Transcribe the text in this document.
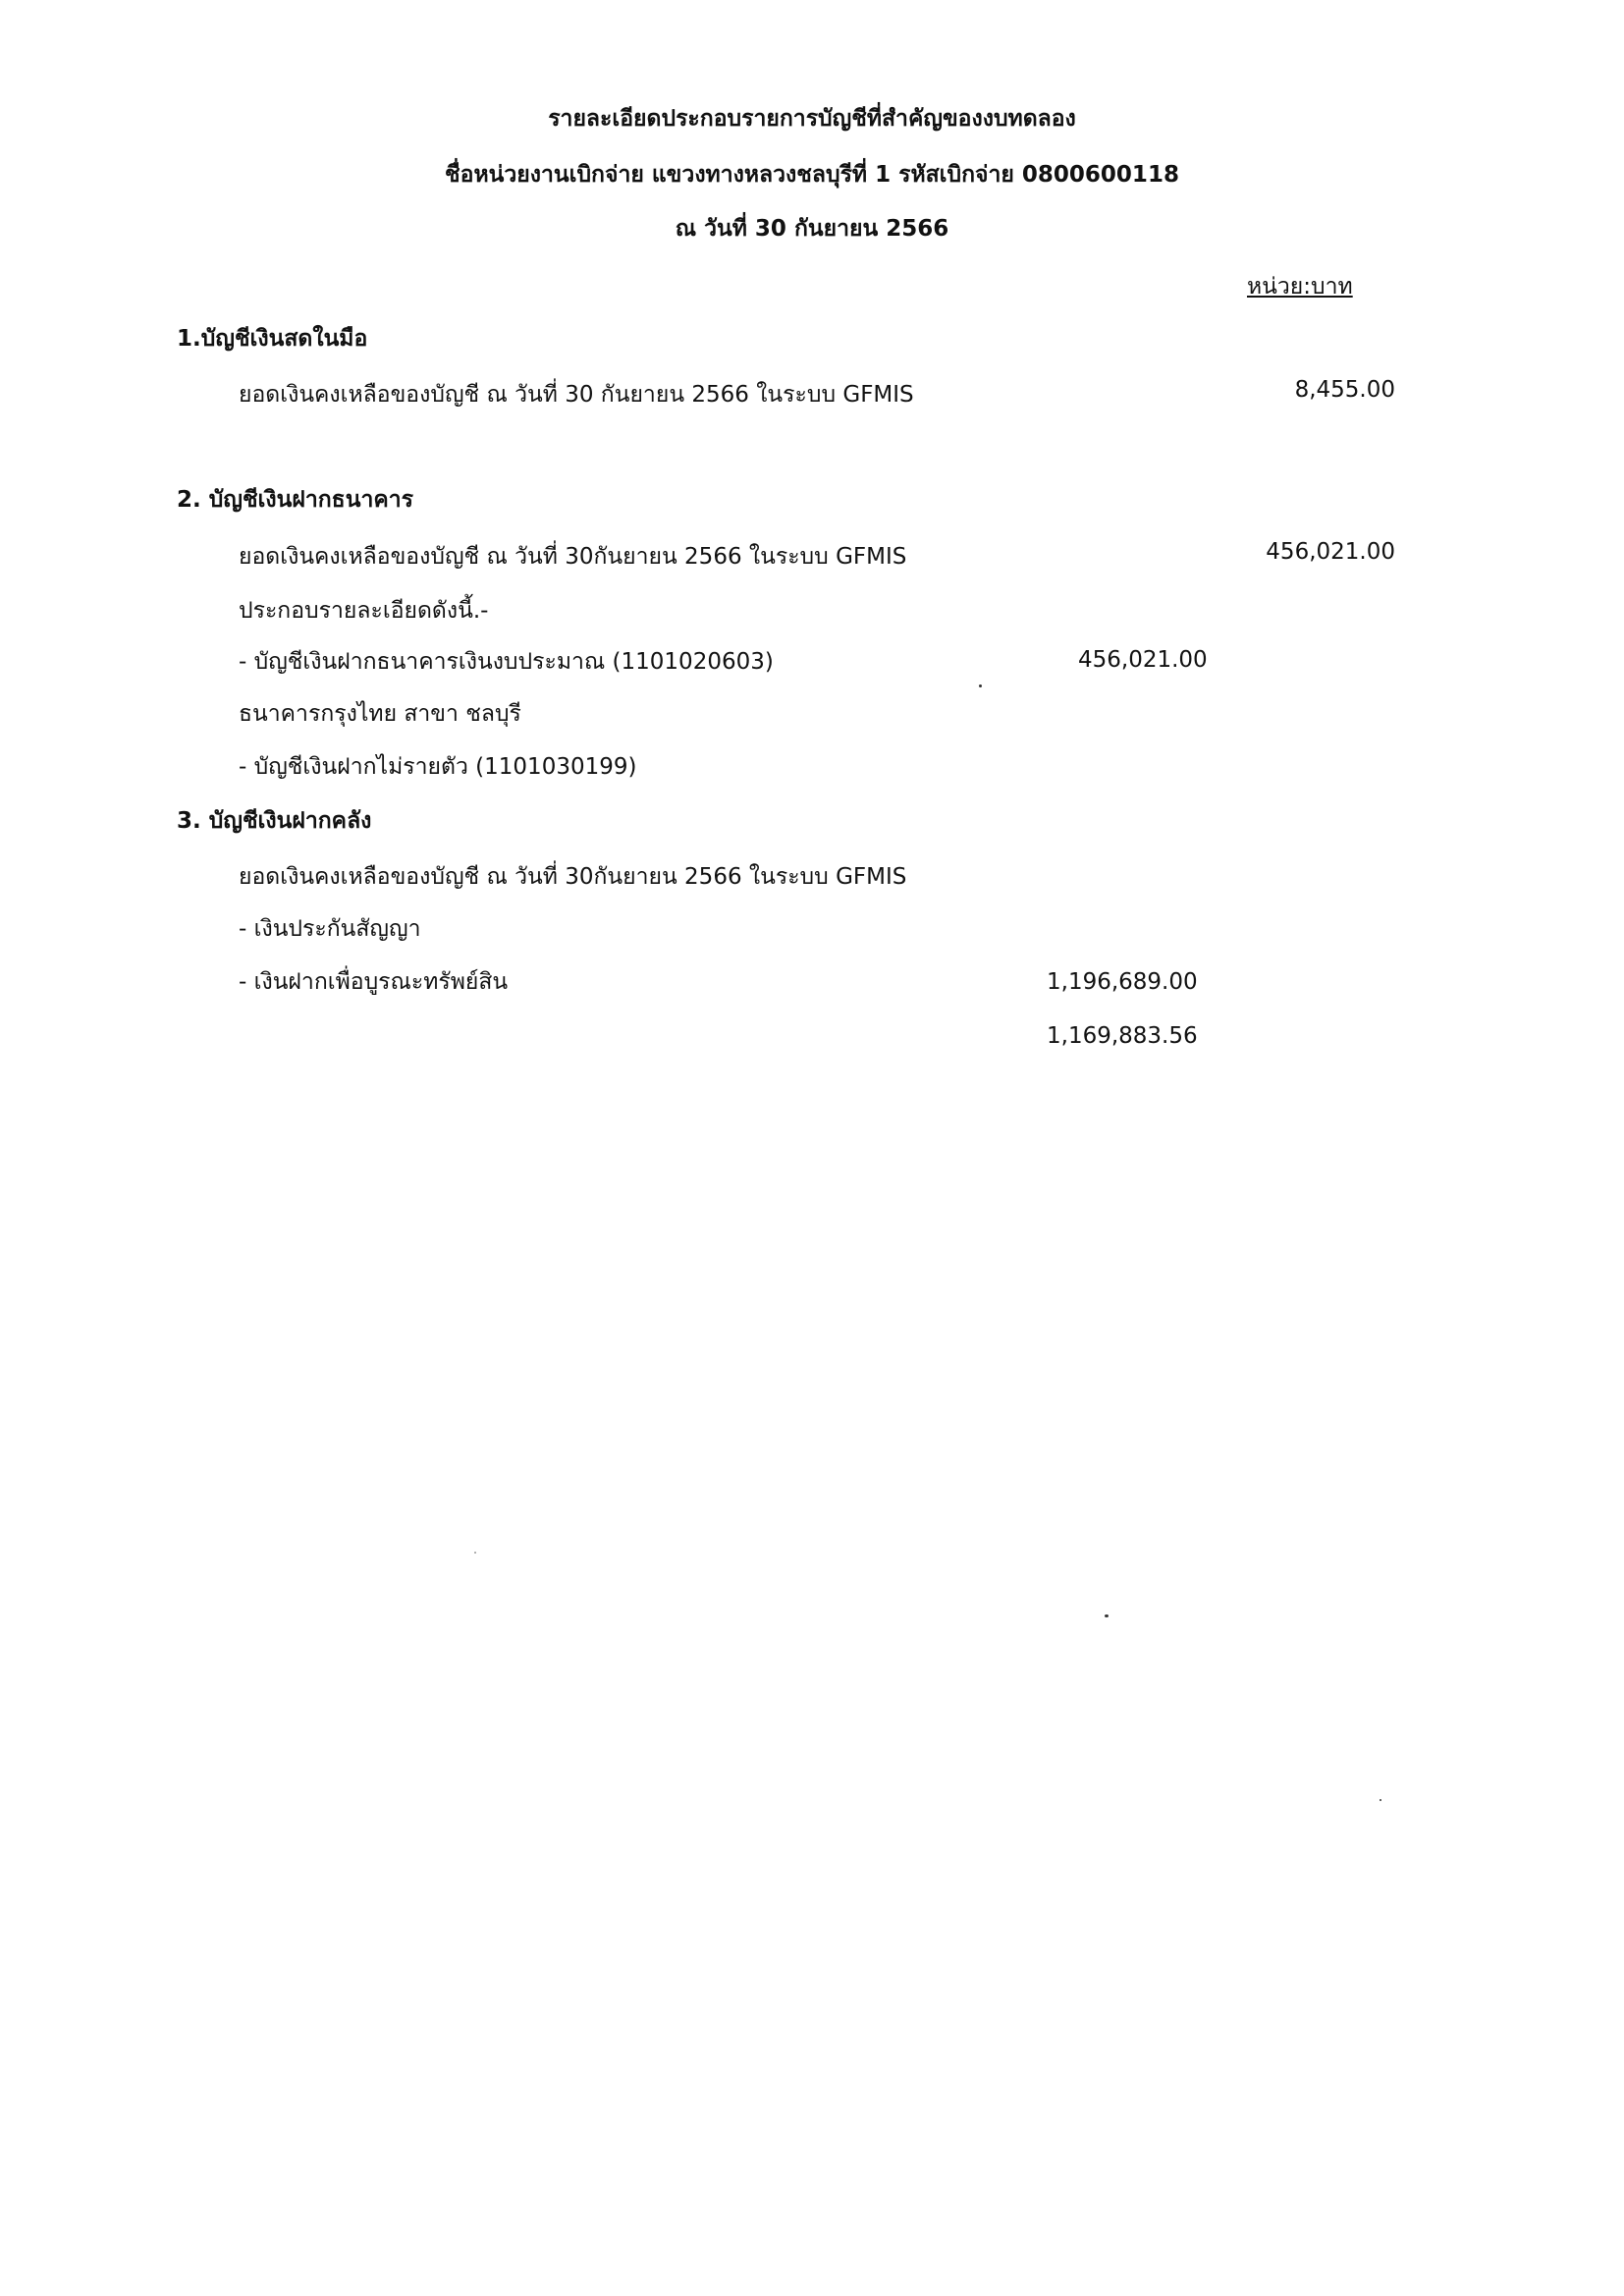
รายละเอียดประกอบรายการบัญชีที่สำคัญของงบทดลอง
ชื่อหน่วยงานเบิกจ่าย แขวงทางหลวงชลบุรีที่ 1 รหัสเบิกจ่าย 0800600118
ณ วันที่ 30 กันยายน 2566
หน่วย:บาท
1.บัญชีเงินสดในมือ
ยอดเงินคงเหลือของบัญชี ณ วันที่ 30 กันยายน 2566 ในระบบ GFMIS	8,455.00
2. บัญชีเงินฝากธนาคาร
ยอดเงินคงเหลือของบัญชี ณ วันที่ 30กันยายน 2566 ในระบบ GFMIS	456,021.00
ประกอบรายละเอียดดังนี้.-
- บัญชีเงินฝากธนาคารเงินงบประมาณ (1101020603)	456,021.00
ธนาคารกรุงไทย สาขา ชลบุรี
- บัญชีเงินฝากไม่รายตัว (1101030199)
3. บัญชีเงินฝากคลัง
ยอดเงินคงเหลือของบัญชี ณ วันที่ 30กันยายน 2566 ในระบบ GFMIS
- เงินประกันสัญญา
- เงินฝากเพื่อบูรณะทรัพย์สิน	1,196,689.00
1,169,883.56
